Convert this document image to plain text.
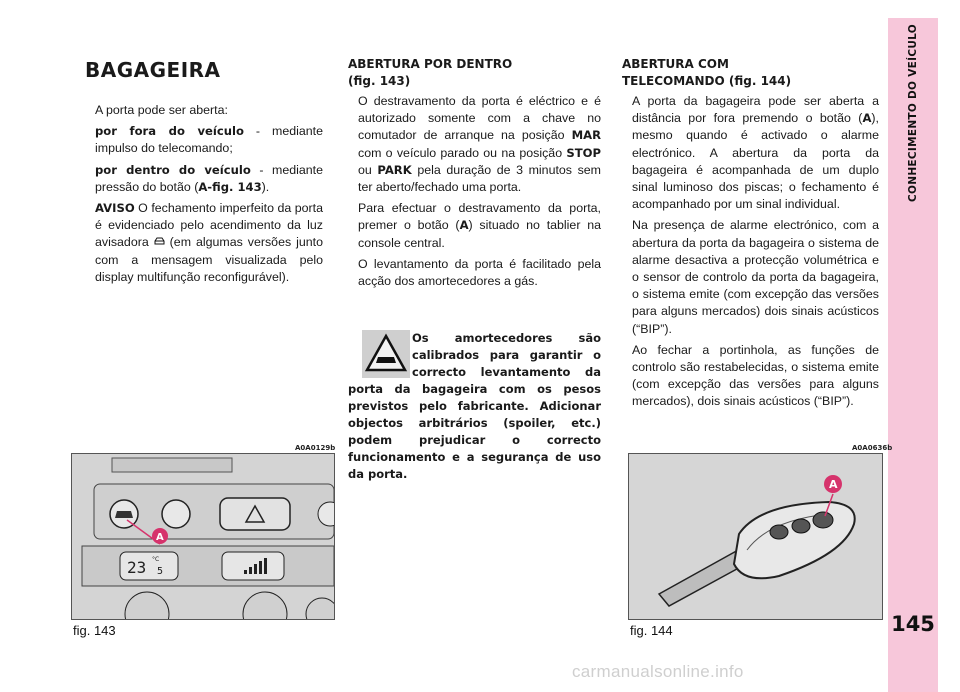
CONHECIMENTO DO VEÍCULO
145
BAGAGEIRA

A porta pode ser aberta:

por fora do veículo - mediante impulso do telecomando;

por dentro do veículo - mediante pressão do botão (A-fig. 143).

AVISO O fechamento imperfeito da porta é evidenciado pelo acendimento da luz avisadora  (em algumas versões junto com a mensagem visualizada pelo display multifunção reconfigurável).

A0A0129b
A
23 °C
5
fig. 143
ABERTURA POR DENTRO
(fig. 143)

O destravamento da porta é eléctrico e é autorizado somente com a chave no comutador de arranque na posição MAR com o veículo parado ou na posição STOP ou PARK pela duração de 3 minutos sem ter aberto/fechado uma porta.

Para efectuar o destravamento da porta, premer o botão (A) situado no tablier na console central.

O levantamento da porta é facilitado pela acção dos amortecedores a gás.

Os amortecedores são calibrados para garantir o correcto levantamento da porta da bagageira com os pesos previstos pelo fabricante. Adicionar objectos arbitrários (spoiler, etc.) podem prejudicar o correcto funcionamento e a segurança de uso da porta.
ABERTURA COM
TELECOMANDO (fig. 144)

A porta da bagageira pode ser aberta a distância por fora premendo o botão (A), mesmo quando é activado o alarme electrónico. A abertura da porta da bagageira é acompanhada de um duplo sinal luminoso dos piscas; o fechamento é acompanhado por um sinal individual.

Na presença de alarme electrónico, com a abertura da porta da bagageira o sistema de alarme desactiva a protecção volumétrica e o sensor de controlo da porta da bagageira, o sistema emite (com excepção das versões para alguns mercados) dois sinais acústicos (“BIP”).

Ao fechar a portinhola, as funções de controlo são restabelecidas, o sistema emite (com excepção das versões para alguns mercados), dois sinais acústicos (“BIP”).

A0A0636b
A
fig. 144
carmanualsonline.info
